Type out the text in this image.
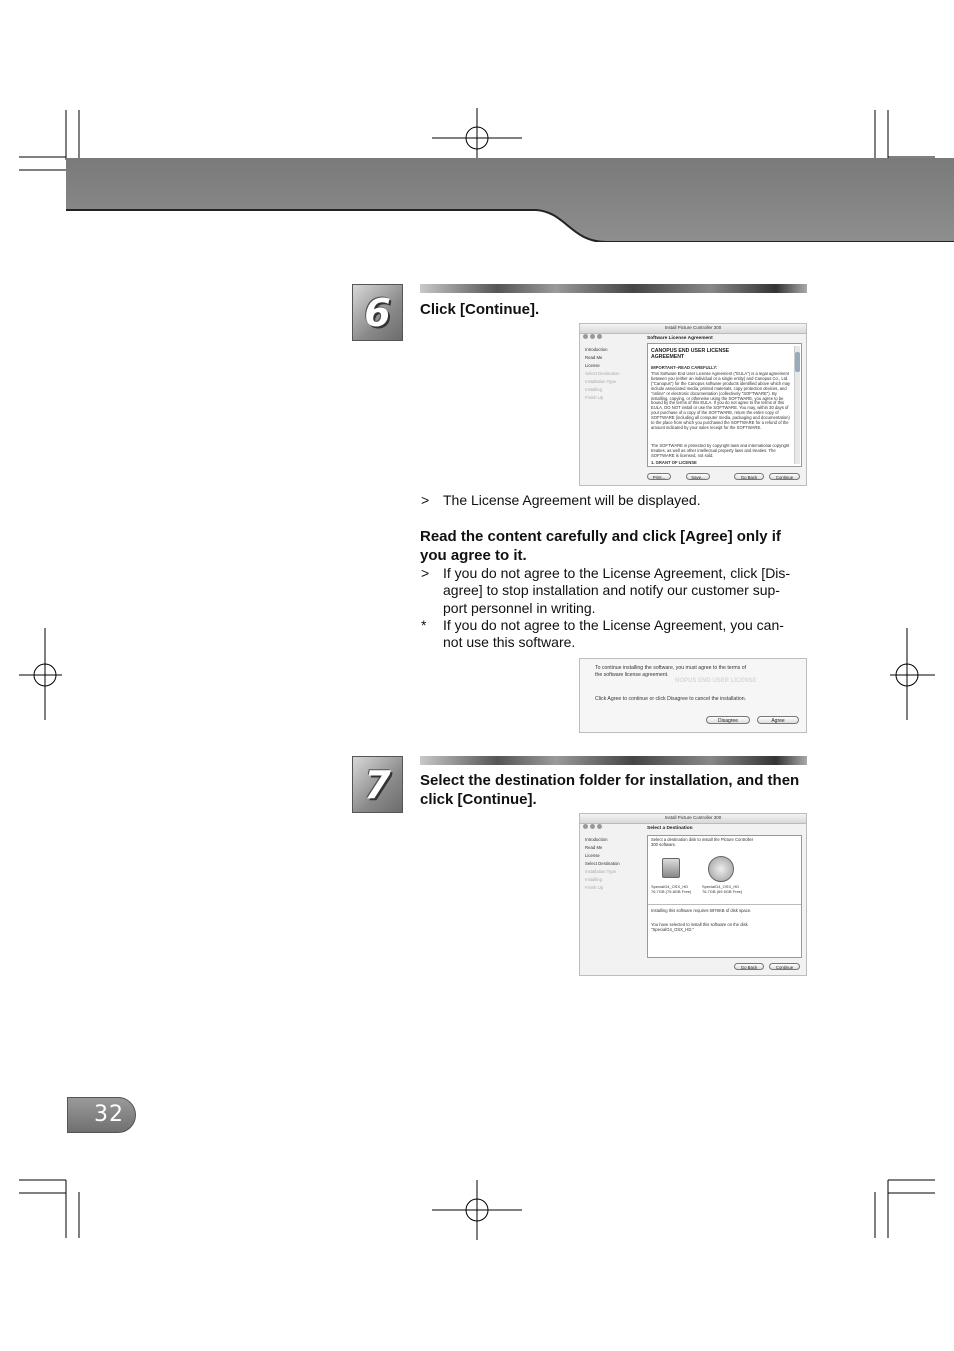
6 Click [Continue].
Install Picture Controller 300
Software License Agreement
Introduction
Read Me
License
Select Destination
Installation Type
Installing
Finish Up
CANOPUS END USER LICENSE
AGREEMENT
IMPORTANT--READ CAREFULLY:
This Software End User License Agreement ("EULA") is a legal agreement between you (either an individual or a single entity) and Canopus Co., Ltd. ("Canopus") for the Canopus software products identified above which may include associated media, printed materials, copy protection devices, and "online" or electronic documentation (collectively "SOFTWARE"). By installing, copying, or otherwise using the SOFTWARE, you agree to be bound by the terms of this EULA. If you do not agree to the terms of this EULA, DO NOT install or use the SOFTWARE. You may, within 30 days of your purchase of a copy of the SOFTWARE, return the entire copy of SOFTWARE (including all computer media, packaging and documentation) to the place from which you purchased the SOFTWARE for a refund of the amount indicated by your sales receipt for the SOFTWARE.
The SOFTWARE is protected by copyright laws and international copyright treaties, as well as other intellectual property laws and treaties. The SOFTWARE is licensed, not sold.
1. GRANT OF LICENSE
Print...	Save...	Go Back	Continue
> The License Agreement will be displayed.
Read the content carefully and click [Agree] only if
you agree to it.
> If you do not agree to the License Agreement, click [Dis-
agree] to stop installation and notify our customer sup-
port personnel in writing.
* If you do not agree to the License Agreement, you can-
not use this software.
To continue installing the software, you must agree to the terms of
the software license agreement.
NOPUS END USER LICENSE
Click Agree to continue or click Disagree to cancel the installation.
Disagree	Agree
7 Select the destination folder for installation, and then
click [Continue].
Install Picture Controller 300
Select a Destination
Introduction
Read Me
License
Select Destination
Installation Type
Installing
Finish Up
Select a destination disk to install the Picture Controller
300 software.
SpecialG4_OSX_HD
76.7GB (75.8GB Free)
SpecialG4_OSX_HD
76.7GB (69.5GB Free)
Installing this software requires 6976KB of disk space.
You have selected to install this software on the disk
"SpecialG4_OSX_HD."
Go Back	Continue
32
